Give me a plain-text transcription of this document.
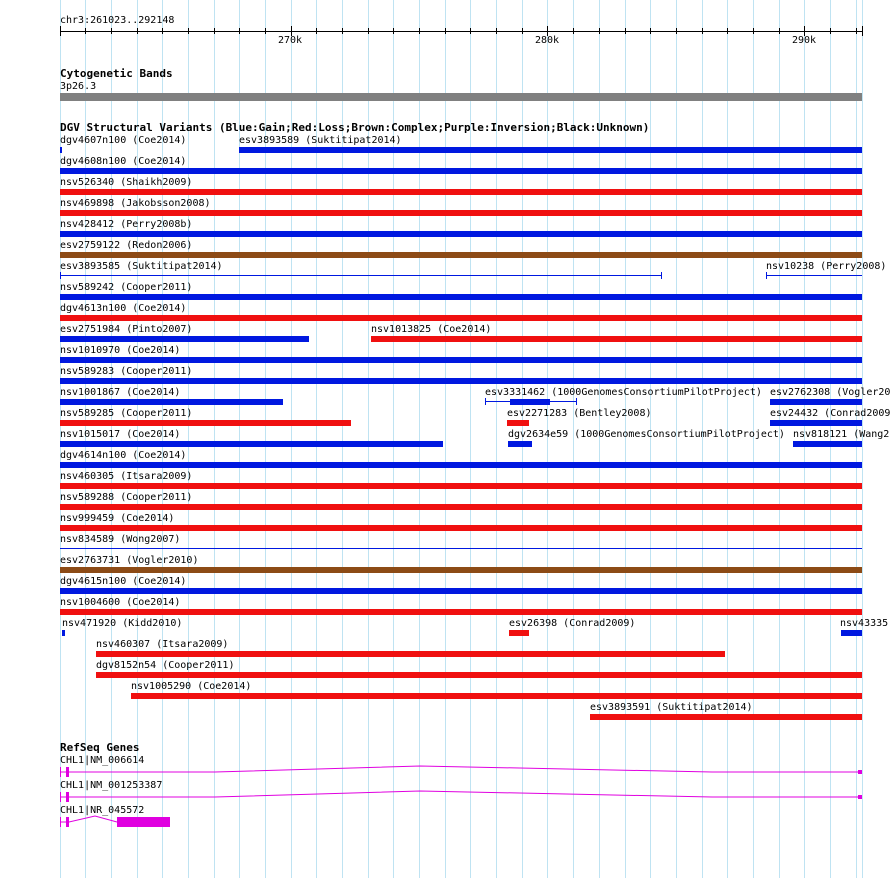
chr3:261023..292148
270k	280k	290k
Cytogenetic Bands
3p26.3
DGV Structural Variants (Blue:Gain;Red:Loss;Brown:Complex;Purple:Inversion;Black:Unknown)
dgv4607n100 (Coe2014)	esv3893589 (Suktitipat2014)
dgv4608n100 (Coe2014)
nsv526340 (Shaikh2009)
nsv469898 (Jakobsson2008)
nsv428412 (Perry2008b)
esv2759122 (Redon2006)
esv3893585 (Suktitipat2014)	nsv10238 (Perry2008)
nsv589242 (Cooper2011)
dgv4613n100 (Coe2014)
esv2751984 (Pinto2007)	nsv1013825 (Coe2014)
nsv1010970 (Coe2014)
nsv589283 (Cooper2011)
nsv1001867 (Coe2014)	esv3331462 (1000GenomesConsortiumPilotProject) esv2762308 (Vogler20
nsv589285 (Cooper2011)	esv2271283 (Bentley2008)	esv24432 (Conrad2009
nsv1015017 (Coe2014)	dgv2634e59 (1000GenomesConsortiumPilotProject) nsv818121 (Wang2
dgv4614n100 (Coe2014)
nsv460305 (Itsara2009)
nsv589288 (Cooper2011)
nsv999459 (Coe2014)
nsv834589 (Wong2007)
esv2763731 (Vogler2010)
dgv4615n100 (Coe2014)
nsv1004600 (Coe2014)
nsv471920 (Kidd2010)	esv26398 (Conrad2009)	nsv43335
nsv460307 (Itsara2009)
dgv8152n54 (Cooper2011)
nsv1005290 (Coe2014)
esv3893591 (Suktitipat2014)
RefSeq Genes
CHL1|NM_006614
CHL1|NM_001253387
CHL1|NR_045572
